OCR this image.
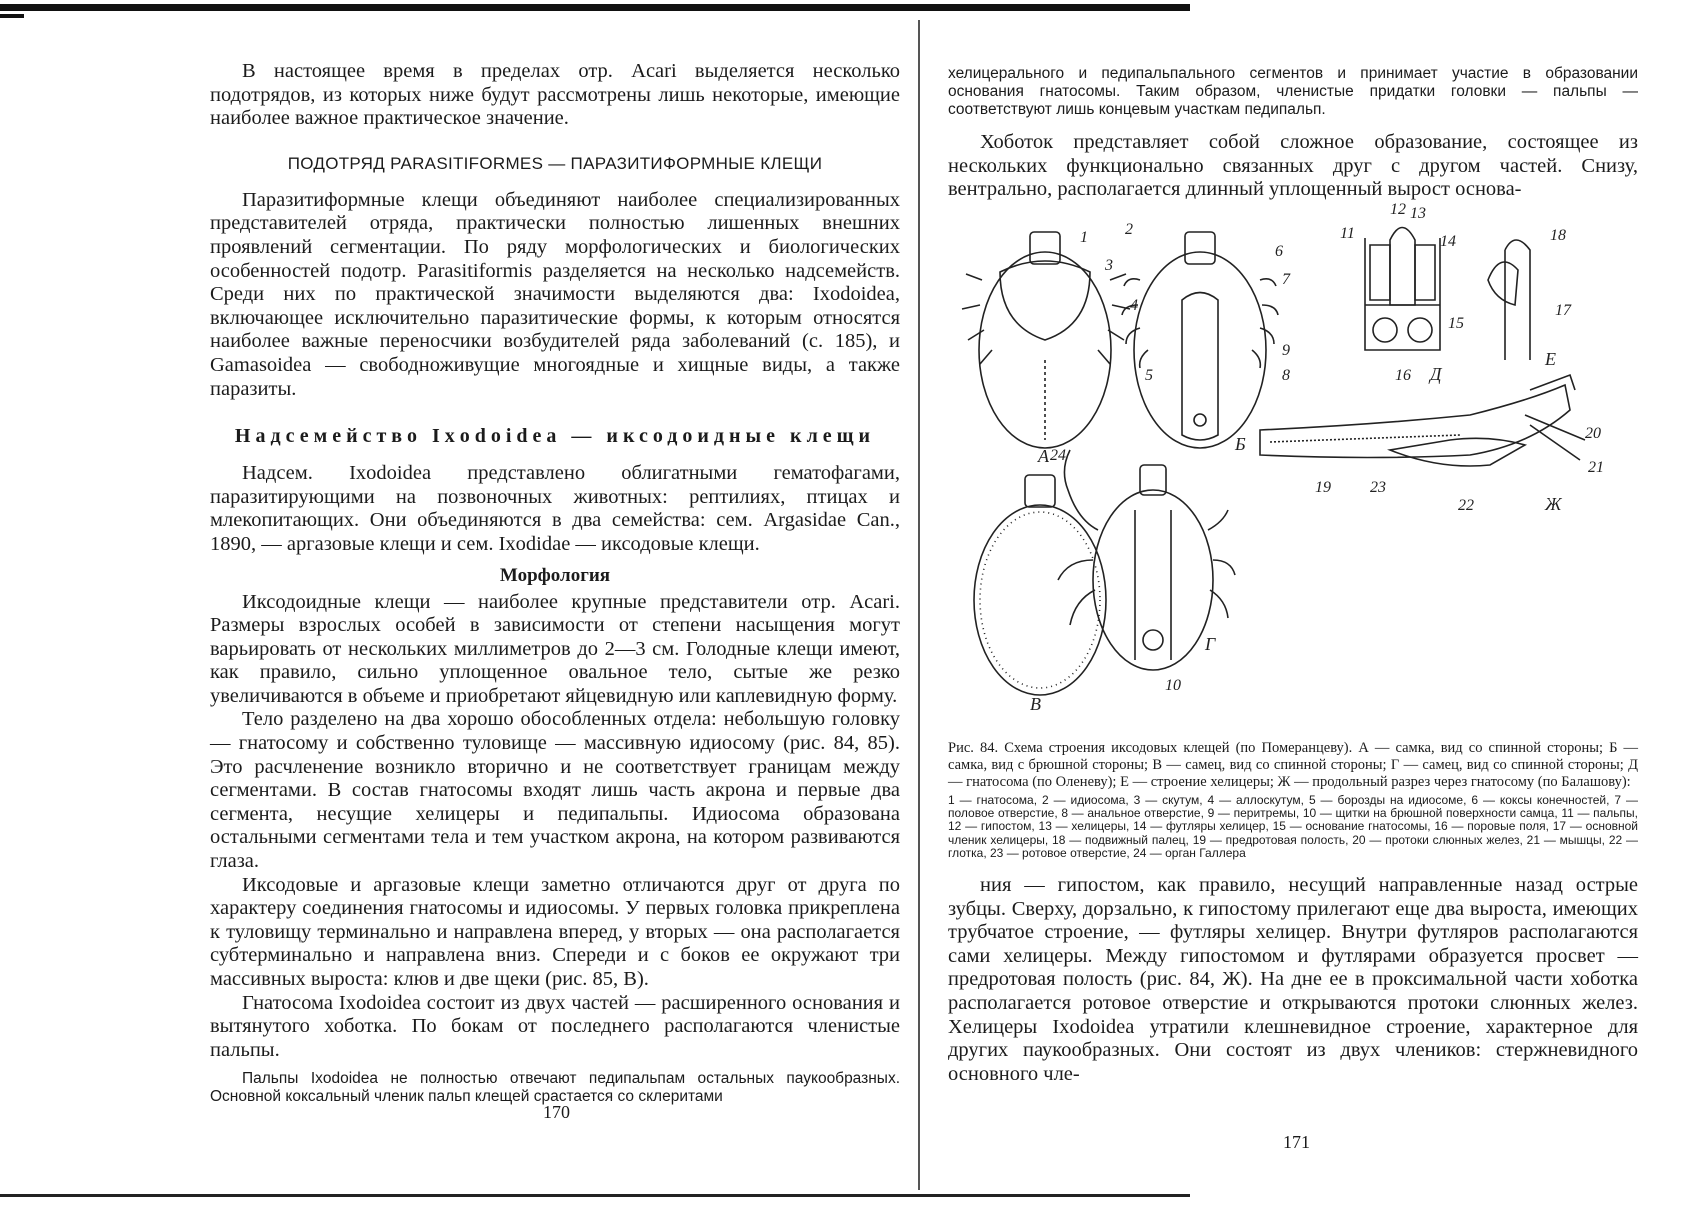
В настоящее время в пределах отр. Acari выделяется несколько подотрядов, из которых ниже будут рассмотрены лишь некоторые, имеющие наиболее важное практическое значение.

ПОДОТРЯД PARASITIFORMES — ПАРАЗИТИФОРМНЫЕ КЛЕЩИ

Паразитиформные клещи объединяют наиболее специализированных представителей отряда, практически полностью лишенных внешних проявлений сегментации. По ряду морфологических и биологических особенностей подотр. Parasitiformis разделяется на несколько надсемейств. Среди них по практической значимости выделяются два: Ixodoidea, включающее исключительно паразитические формы, к которым относятся наиболее важные переносчики возбудителей ряда заболеваний (с. 185), и Gamasoidea — свободноживущие многоядные и хищные виды, а также паразиты.

Надсемейство Ixodoidea — иксодоидные клещи

Надсем. Ixodoidea представлено облигатными гематофагами, паразитирующими на позвоночных животных: рептилиях, птицах и млекопитающих. Они объединяются в два семейства: сем. Argasidae Can., 1890, — аргазовые клещи и сем. Ixodidae — иксодовые клещи.

Морфология

Иксодоидные клещи — наиболее крупные представители отр. Acari. Размеры взрослых особей в зависимости от степени насыщения могут варьировать от нескольких миллиметров до 2—3 см. Голодные клещи имеют, как правило, сильно уплощенное овальное тело, сытые же резко увеличиваются в объеме и приобретают яйцевидную или каплевидную форму.

Тело разделено на два хорошо обособленных отдела: небольшую головку — гнатосому и собственно туловище — массивную идиосому (рис. 84, 85). Это расчленение возникло вторично и не соответствует границам между сегментами. В состав гнатосомы входят лишь часть акрона и первые два сегмента, несущие хелицеры и педипальпы. Идиосома образована остальными сегментами тела и тем участком акрона, на котором развиваются глаза.

Иксодовые и аргазовые клещи заметно отличаются друг от друга по характеру соединения гнатосомы и идиосомы. У первых головка прикреплена к туловищу терминально и направлена вперед, у вторых — она располагается субтерминально и направлена вниз. Спереди и с боков ее окружают три массивных выроста: клюв и две щеки (рис. 85, В).

Гнатосома Ixodoidea состоит из двух частей — расширенного основания и вытянутого хоботка. По бокам от последнего располагаются членистые пальпы.

Пальпы Ixodoidea не полностью отвечают педипальпам остальных паукообразных. Основной коксальный членик пальп клещей срастается со склеритами

170

хелицерального и педипальпального сегментов и принимает участие в образовании основания гнатосомы. Таким образом, членистые придатки головки — пальпы — соответствуют лишь концевым участкам педипальп.

Хоботок представляет собой сложное образование, состоящее из нескольких функционально связанных друг с другом частей. Снизу, вентрально, располагается длинный уплощенный вырост основа-

А
Б
Д
Е
Ж
В
Г
1 2
3
4
5
6
7
8
9
10
11
12 13
14
15
16
17
18
19
20
21
22
23
24

Рис. 84. Схема строения иксодовых клещей (по Померанцеву). А — самка, вид со спинной стороны; Б — самка, вид с брюшной стороны; В — самец, вид со спинной стороны; Г — самец, вид со спинной стороны; Д — гнатосома (по Оленеву); Е — строение хелицеры; Ж — продольный разрез через гнатосому (по Балашову):

1 — гнатосома, 2 — идиосома, 3 — скутум, 4 — аллоскутум, 5 — борозды на идиосоме, 6 — коксы конечностей, 7 — половое отверстие, 8 — анальное отверстие, 9 — перитремы, 10 — щитки на брюшной поверхности самца, 11 — пальпы, 12 — гипостом, 13 — хелицеры, 14 — футляры хелицер, 15 — основание гнатосомы, 16 — поровые поля, 17 — основной членик хелицеры, 18 — подвижный палец, 19 — предротовая полость, 20 — протоки слюнных желез, 21 — мышцы, 22 — глотка, 23 — ротовое отверстие, 24 — орган Галлера

ния — гипостом, как правило, несущий направленные назад острые зубцы. Сверху, дорзально, к гипостому прилегают еще два выроста, имеющих трубчатое строение, — футляры хелицер. Внутри футляров располагаются сами хелицеры. Между гипостомом и футлярами образуется просвет — предротовая полость (рис. 84, Ж). На дне ее в проксимальной части хоботка располагается ротовое отверстие и открываются протоки слюнных желез. Хелицеры Ixodoidea утратили клешневидное строение, характерное для других паукообразных. Они состоят из двух члеников: стержневидного основного чле-

171
